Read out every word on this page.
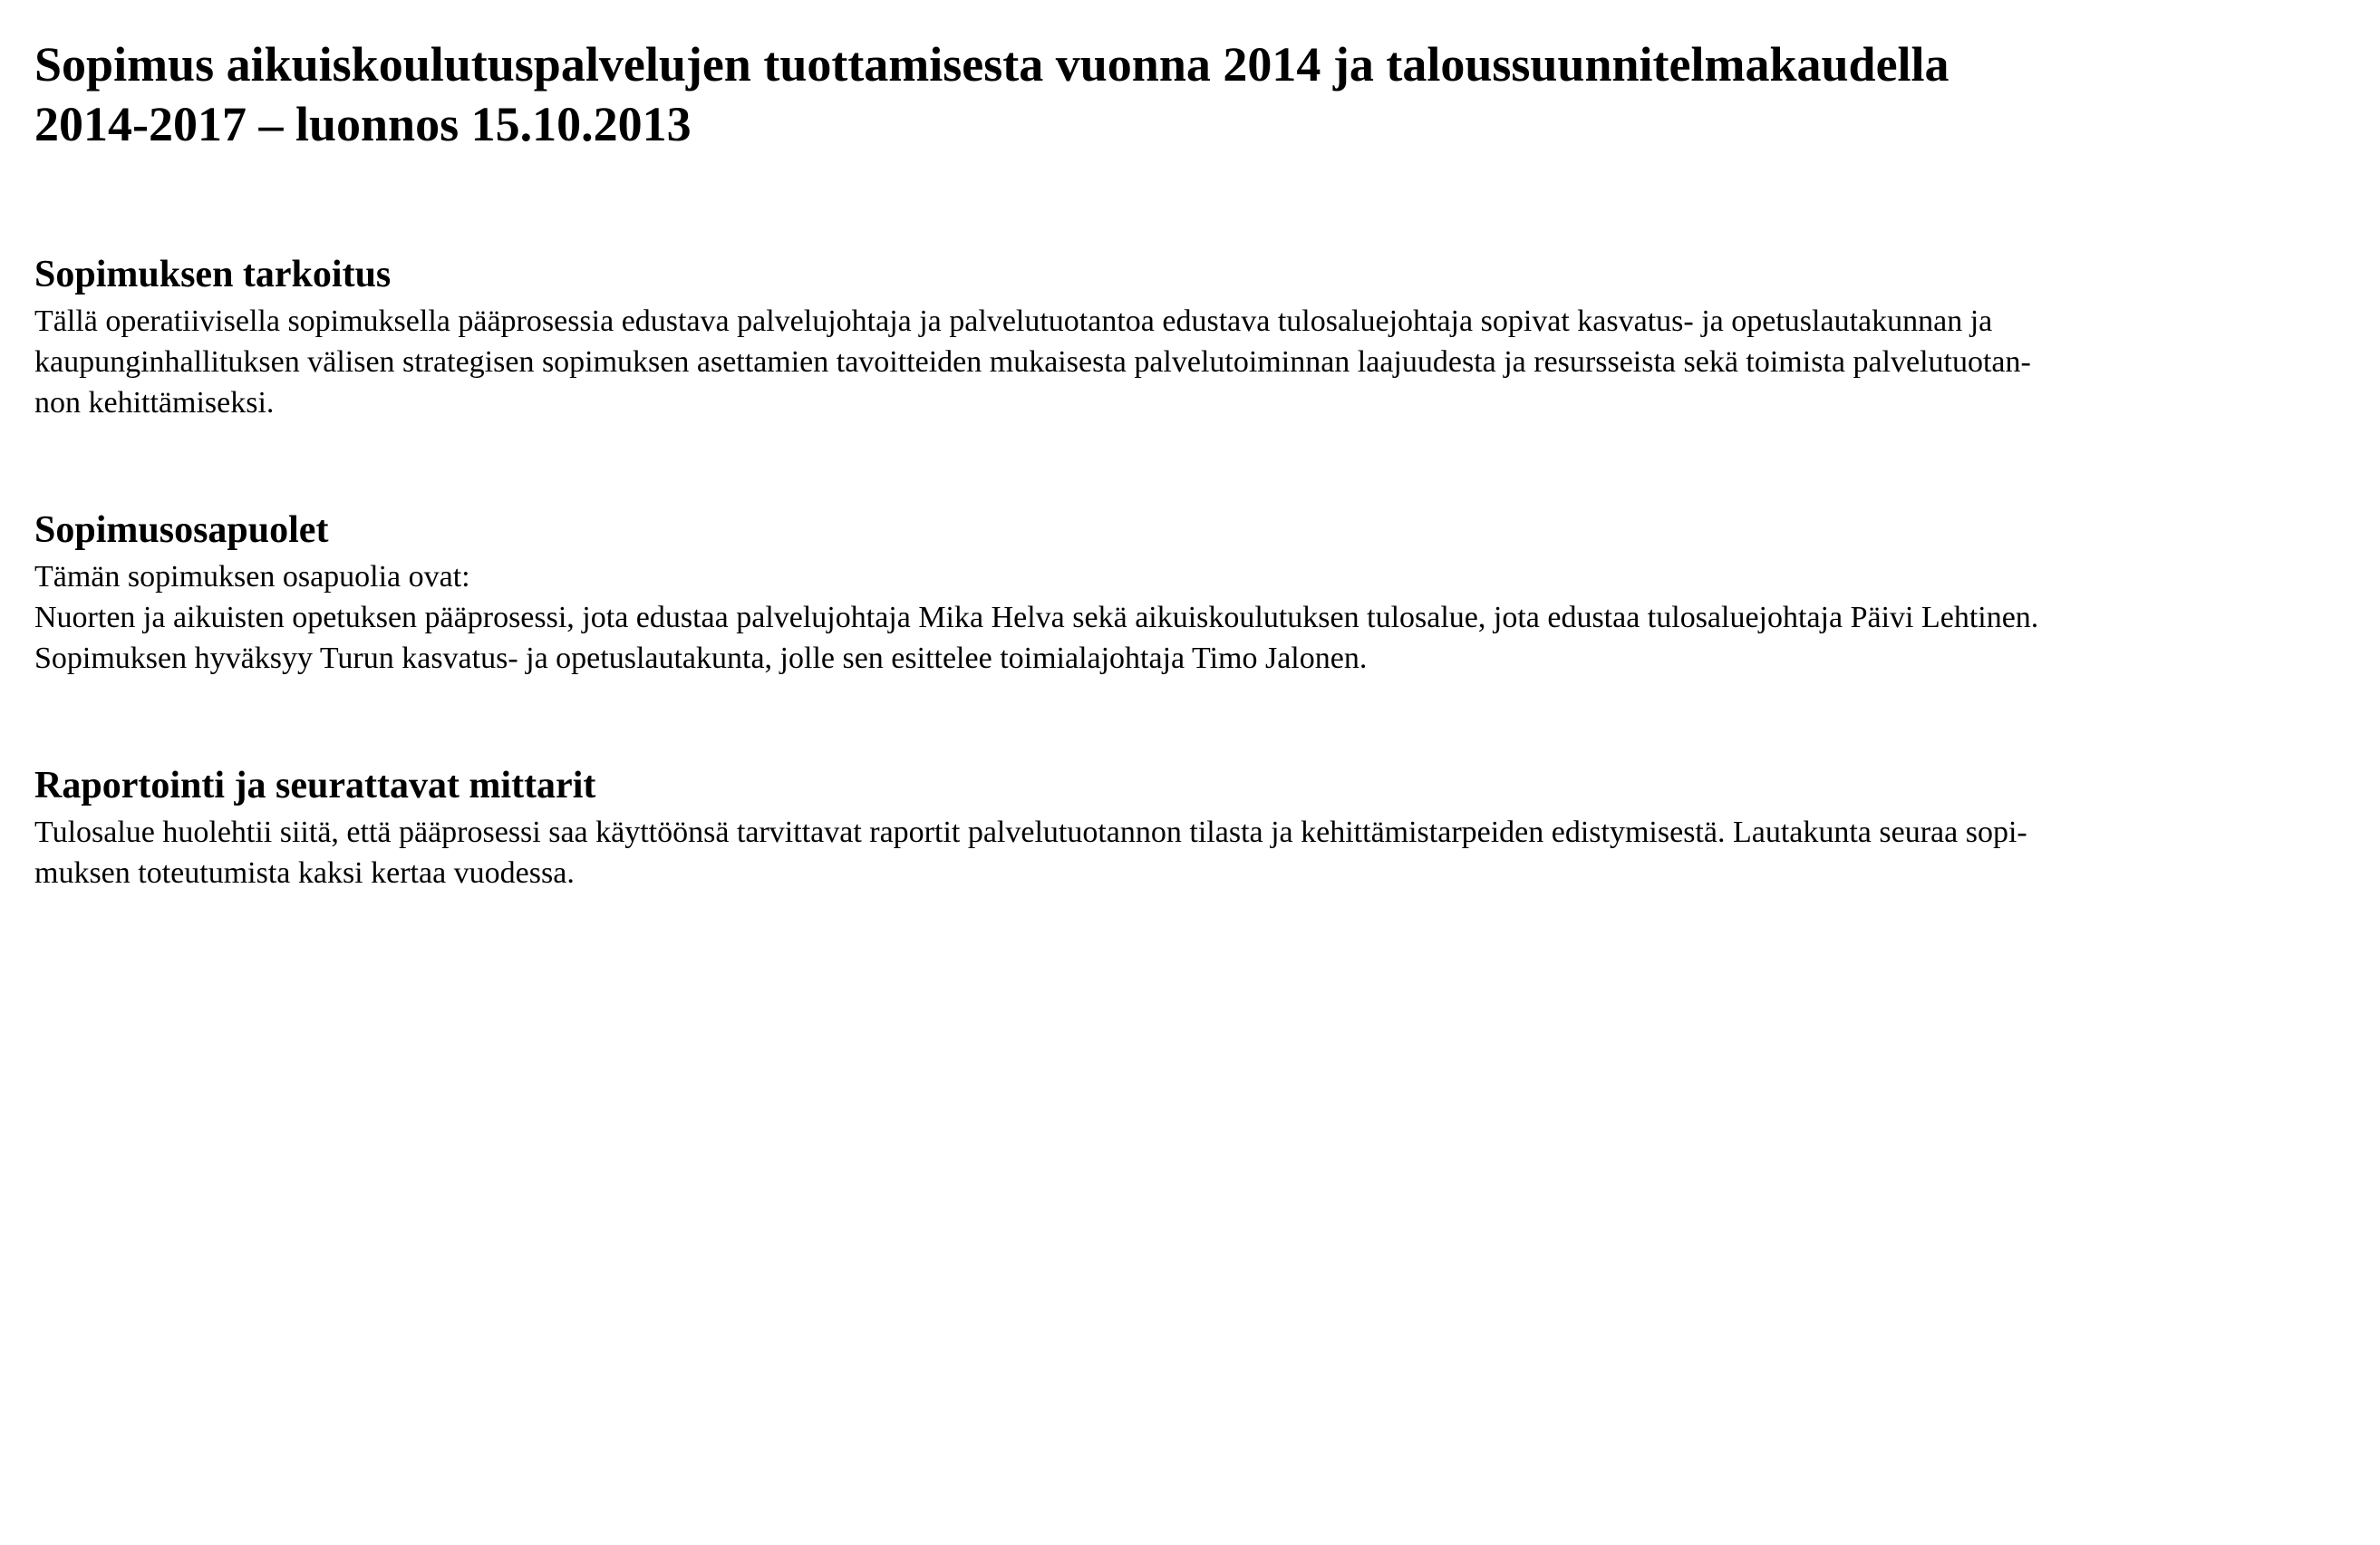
Sopimus aikuiskoulutuspalvelujen tuottamisesta vuonna 2014 ja taloussuunnitelmakaudella
2014-2017 – luonnos 15.10.2013
Sopimuksen tarkoitus

Tällä operatiivisella sopimuksella pääprosessia edustava palvelujohtaja ja palvelutuotantoa edustava tulosaluejohtaja sopivat kasvatus- ja opetuslautakunnan ja
kaupunginhallituksen välisen strategisen sopimuksen asettamien tavoitteiden mukaisesta palvelutoiminnan laajuudesta ja resursseista sekä toimista palvelutuotan-
non kehittämiseksi.

Sopimusosapuolet

Tämän sopimuksen osapuolia ovat:
Nuorten ja aikuisten opetuksen pääprosessi, jota edustaa palvelujohtaja Mika Helva sekä aikuiskoulutuksen tulosalue, jota edustaa tulosaluejohtaja Päivi Lehtinen.
Sopimuksen hyväksyy Turun kasvatus- ja opetuslautakunta, jolle sen esittelee toimialajohtaja Timo Jalonen.

Raportointi ja seurattavat mittarit

Tulosalue huolehtii siitä, että pääprosessi saa käyttöönsä tarvittavat raportit palvelutuotannon tilasta ja kehittämistarpeiden edistymisestä. Lautakunta seuraa sopi-
muksen toteutumista kaksi kertaa vuodessa.
